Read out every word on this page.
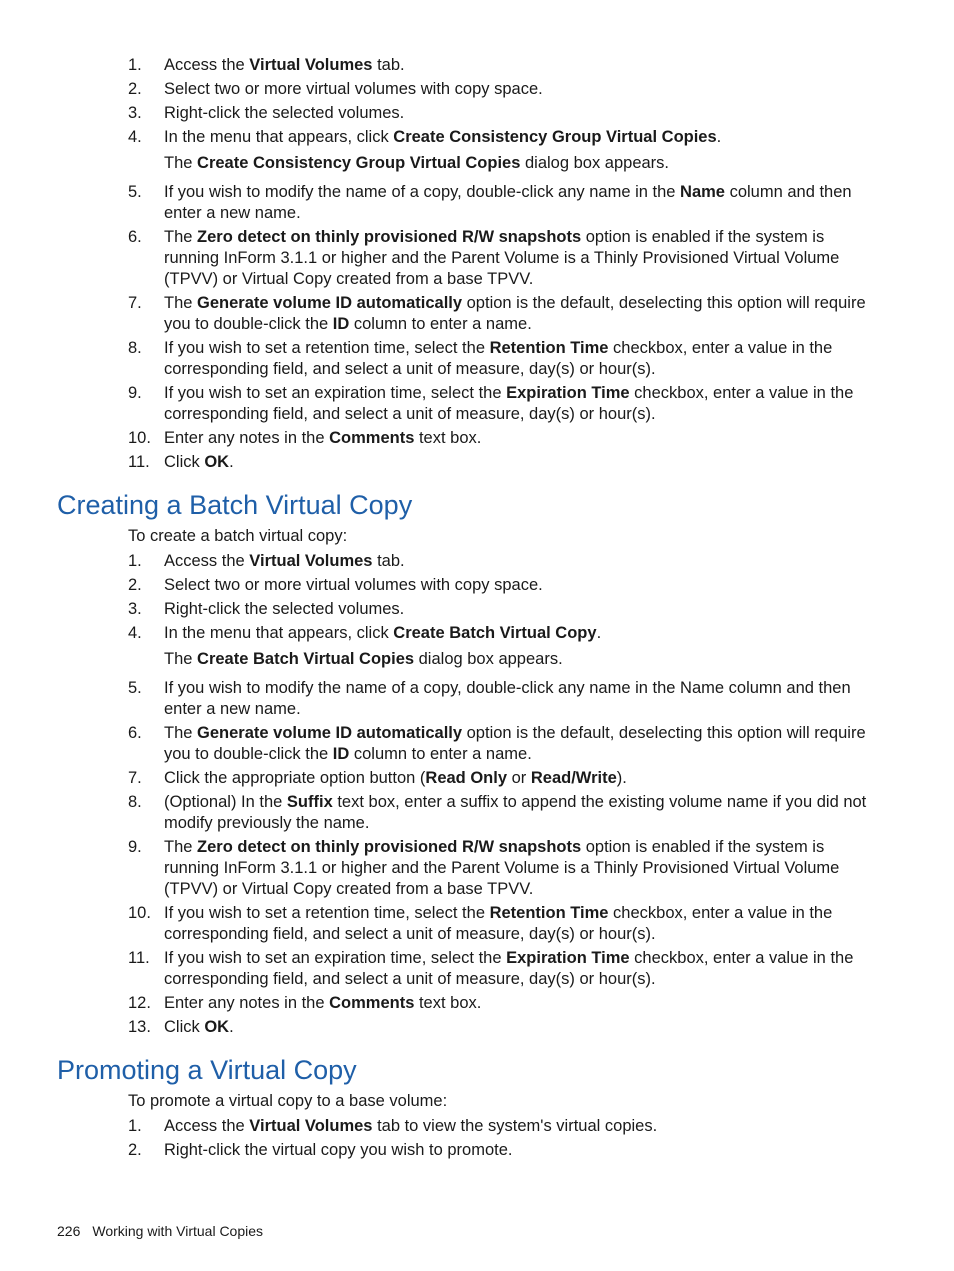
1.	Access the Virtual Volumes tab.
2.	Select two or more virtual volumes with copy space.
3.	Right-click the selected volumes.
4.	In the menu that appears, click Create Consistency Group Virtual Copies.
The Create Consistency Group Virtual Copies dialog box appears.
5.	If you wish to modify the name of a copy, double-click any name in the Name column and then enter a new name.
6.	The Zero detect on thinly provisioned R/W snapshots option is enabled if the system is running InForm 3.1.1 or higher and the Parent Volume is a Thinly Provisioned Virtual Volume (TPVV) or Virtual Copy created from a base TPVV.
7.	The Generate volume ID automatically option is the default, deselecting this option will require you to double-click the ID column to enter a name.
8.	If you wish to set a retention time, select the Retention Time checkbox, enter a value in the corresponding field, and select a unit of measure, day(s) or hour(s).
9.	If you wish to set an expiration time, select the Expiration Time checkbox, enter a value in the corresponding field, and select a unit of measure, day(s) or hour(s).
10. Enter any notes in the Comments text box.
11. Click OK.
Creating a Batch Virtual Copy

To create a batch virtual copy:

1.	Access the Virtual Volumes tab.
2.	Select two or more virtual volumes with copy space.
3.	Right-click the selected volumes.
4.	In the menu that appears, click Create Batch Virtual Copy.
The Create Batch Virtual Copies dialog box appears.
5.	If you wish to modify the name of a copy, double-click any name in the Name column and then enter a new name.
6.	The Generate volume ID automatically option is the default, deselecting this option will require you to double-click the ID column to enter a name.
7.	Click the appropriate option button (Read Only or Read/Write).
8.	(Optional) In the Suffix text box, enter a suffix to append the existing volume name if you did not modify previously the name.
9.	The Zero detect on thinly provisioned R/W snapshots option is enabled if the system is running InForm 3.1.1 or higher and the Parent Volume is a Thinly Provisioned Virtual Volume (TPVV) or Virtual Copy created from a base TPVV.
10. If you wish to set a retention time, select the Retention Time checkbox, enter a value in the corresponding field, and select a unit of measure, day(s) or hour(s).
11. If you wish to set an expiration time, select the Expiration Time checkbox, enter a value in the corresponding field, and select a unit of measure, day(s) or hour(s).
12. Enter any notes in the Comments text box.
13. Click OK.
Promoting a Virtual Copy

To promote a virtual copy to a base volume:

1.	Access the Virtual Volumes tab to view the system's virtual copies.
2.	Right-click the virtual copy you wish to promote.
226 Working with Virtual Copies
